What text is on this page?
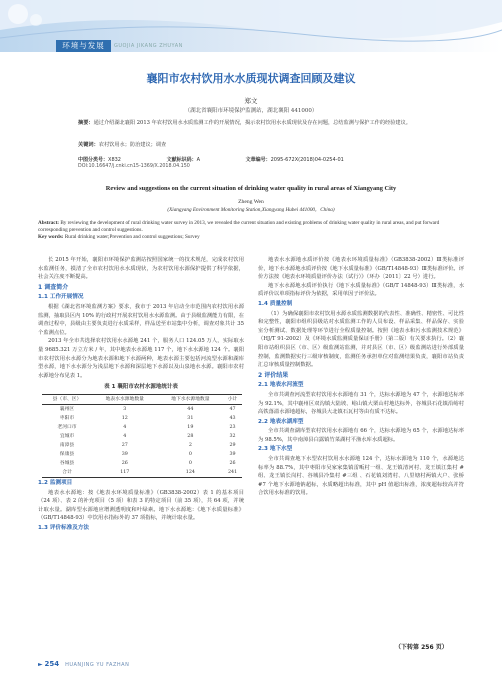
环境与发展	GUOJIA JIKANG ZHUYAN
襄阳市农村饮用水水质现状调查回顾及建议
郑文
（湖北省襄阳市环境保护监测站，湖北襄阳 441000）
摘要：通过介绍湖北襄阳 2013 年农村饮用水水质监测工作的开展情况，揭示农村饮用水水质现状及存在问题，总结监测与保护工作的经验建议。
关键词：农村饮用水；防治建议；调查
中图分类号：X832	文献标识码：A	文章编号：2095-672X(2018)04-0254-01
DOI:10.16647/j.cnki.cn15-1369/X.2018.04.150
Review and suggestions on the current situation of drinking water quality in rural areas of Xiangyang City
Zheng Wen
(Xiangyang Environment Monitoring Station,Xiangyang Hubei 441000，China)
Abstract: By reviewing the development of rural drinking water survey in 2013, we revealed the current situation and existing problems of drinking water quality in rural areas, and put forward corresponding prevention and control suggestions.
Key words: Rural drinking water;Prevention and control suggestions; Survey

长 2015 年开始，襄阳市环境保护监测站按照国家统一的技术规范，完成农村饮用水监测任务，摸清了全市农村饮用水水质现状，为农村饮用水源保护提供了科学依据，社会关注度不断提高。

1 调查简介
1.1 工作开展情况

根据《湖北省环境监测方案》要求，我市于 2013 年启动全市范围内农村饮用水源监测，抽取县区内 10% 的行政村开展农村饮用水水源监测。由于县级监测能力有限，在调查过程中，县级由主要负责进行水质采样，样品送至市站集中分析，调查对象共计 35 个监测点位。

2013 年全市共选择农村饮用水水源地 241 个，服务人口 124.05 万人，实际取水量 9685.321 万立方米 / 年，其中地表水水源地 117 个，地下水水源地 124 个。襄阳市农村饮用水水源分为地表水源和地下水源两种，地表水源主要包括河流型水源和湖库型水源，地下水水源分为浅层地下水源和深层地下水源以及山泉地水水源。襄阳市农村水源地分布见表 1。

表 1 襄阳市农村水源地统计表
县（市、区）	地表水水源地数量	地下水水源地数量	小计
襄州区	3	44	47
枣阳市	12	31	43
老河口市	4	19	23
宜城市	4	28	32
南漳县	27	2	29
保康县	39	0	39
谷城县	26	0	26
合计	117	124	241
1.2 监测项目

地表水水源地：按《地表水环境质量标准》（GB3838-2002）表 1 的基本项目（24 项）、表 2 的补充项目（5 项）和表 3 的特定项目（前 35 项），共 64 项，并统计取水量。湖库型水源地应增测透明度和叶绿素。地下水水源地：《地下水质量标准》（GB/T14848-93）中饮用水指标外的 37 项指标，并统计取水量。

1.3 评价标准及方法

地表水水源地水质评价按《地表水环境质量标准》（GB3838-2002）Ⅲ类标准评价，地下水水源地水质评价按《地下水质量标准》（GB/T14848-93）Ⅲ类标准评价。评价方法按《地表水环境质量评价办法（试行）》（环办〔2011〕22 号）进行。

地下水水源地水质评价执行《地下水质量标准》（GB/T 14848-93）Ⅲ类标准，水质评价以单项指标评价为依据，采用单因子评价法。

1.4 质量控制

（1）为确保襄阳市农村饮用水源水质监测数据的代表性、准确性、精密性、可比性和完整性，襄阳市组织县级站对水质监测工作的人员布设、样品采集、样品保存、实验室分析测试、数据处理等环节进行全程质量控制。按照《地表水和污水监测技术规范》（HJ/T 91-2002）及《环境水质监测质量保证手册》（第二版）有关要求执行。（2）襄阳市站组织县区（市、区）级监测站监测，并对县区（市、区）级监测站进行外部质量控制，监测数据实行三级审核制度，监测任务承担单位对监测结果负责，襄阳市站负责汇总审核质量控制数据。

2 评价结果
2.1 地表水河流型

全市共调查河流型农村饮用水水源地有 31 个，达标水源地为 47 个，水源地达标率为 92.1%，其中襄州区双沟镇大陆坡、峪山镇大栗山村地达标外，谷城县石花镇沿峪村高铁落溢水源地超标，谷城县大北镇石瓦村等由有质不达标。

2.2 地表水湖库型

全市共调查湖库型农村饮用水水源地有 66 个，达标水源地为 65 个，水源地达标率为 98.5%，其中南漳县白露镇竹菜湖村平渔水库水质超标。

2.3 地下水型

全市共调查地下水型农村饮用水水源地 124 个，达标水源地为 110 个，水源地达标率为 88.7%，其中枣阳市吴家家集镇雷畈村一组、龙王镇清河村、龙王镇江集村 #组、龙王镇长岗村、谷城县冷集村 #三组 、石花镇刘湾村、八里塘村两镇大户、张桥 #7 个地下水源地钠超标，水质略超出标准，其中 pH 值超出标准，浓度超标较高并符合饮用水标准的饮用。

（下转第 256 页）
► 254 HUANJING YU FAZHAN
